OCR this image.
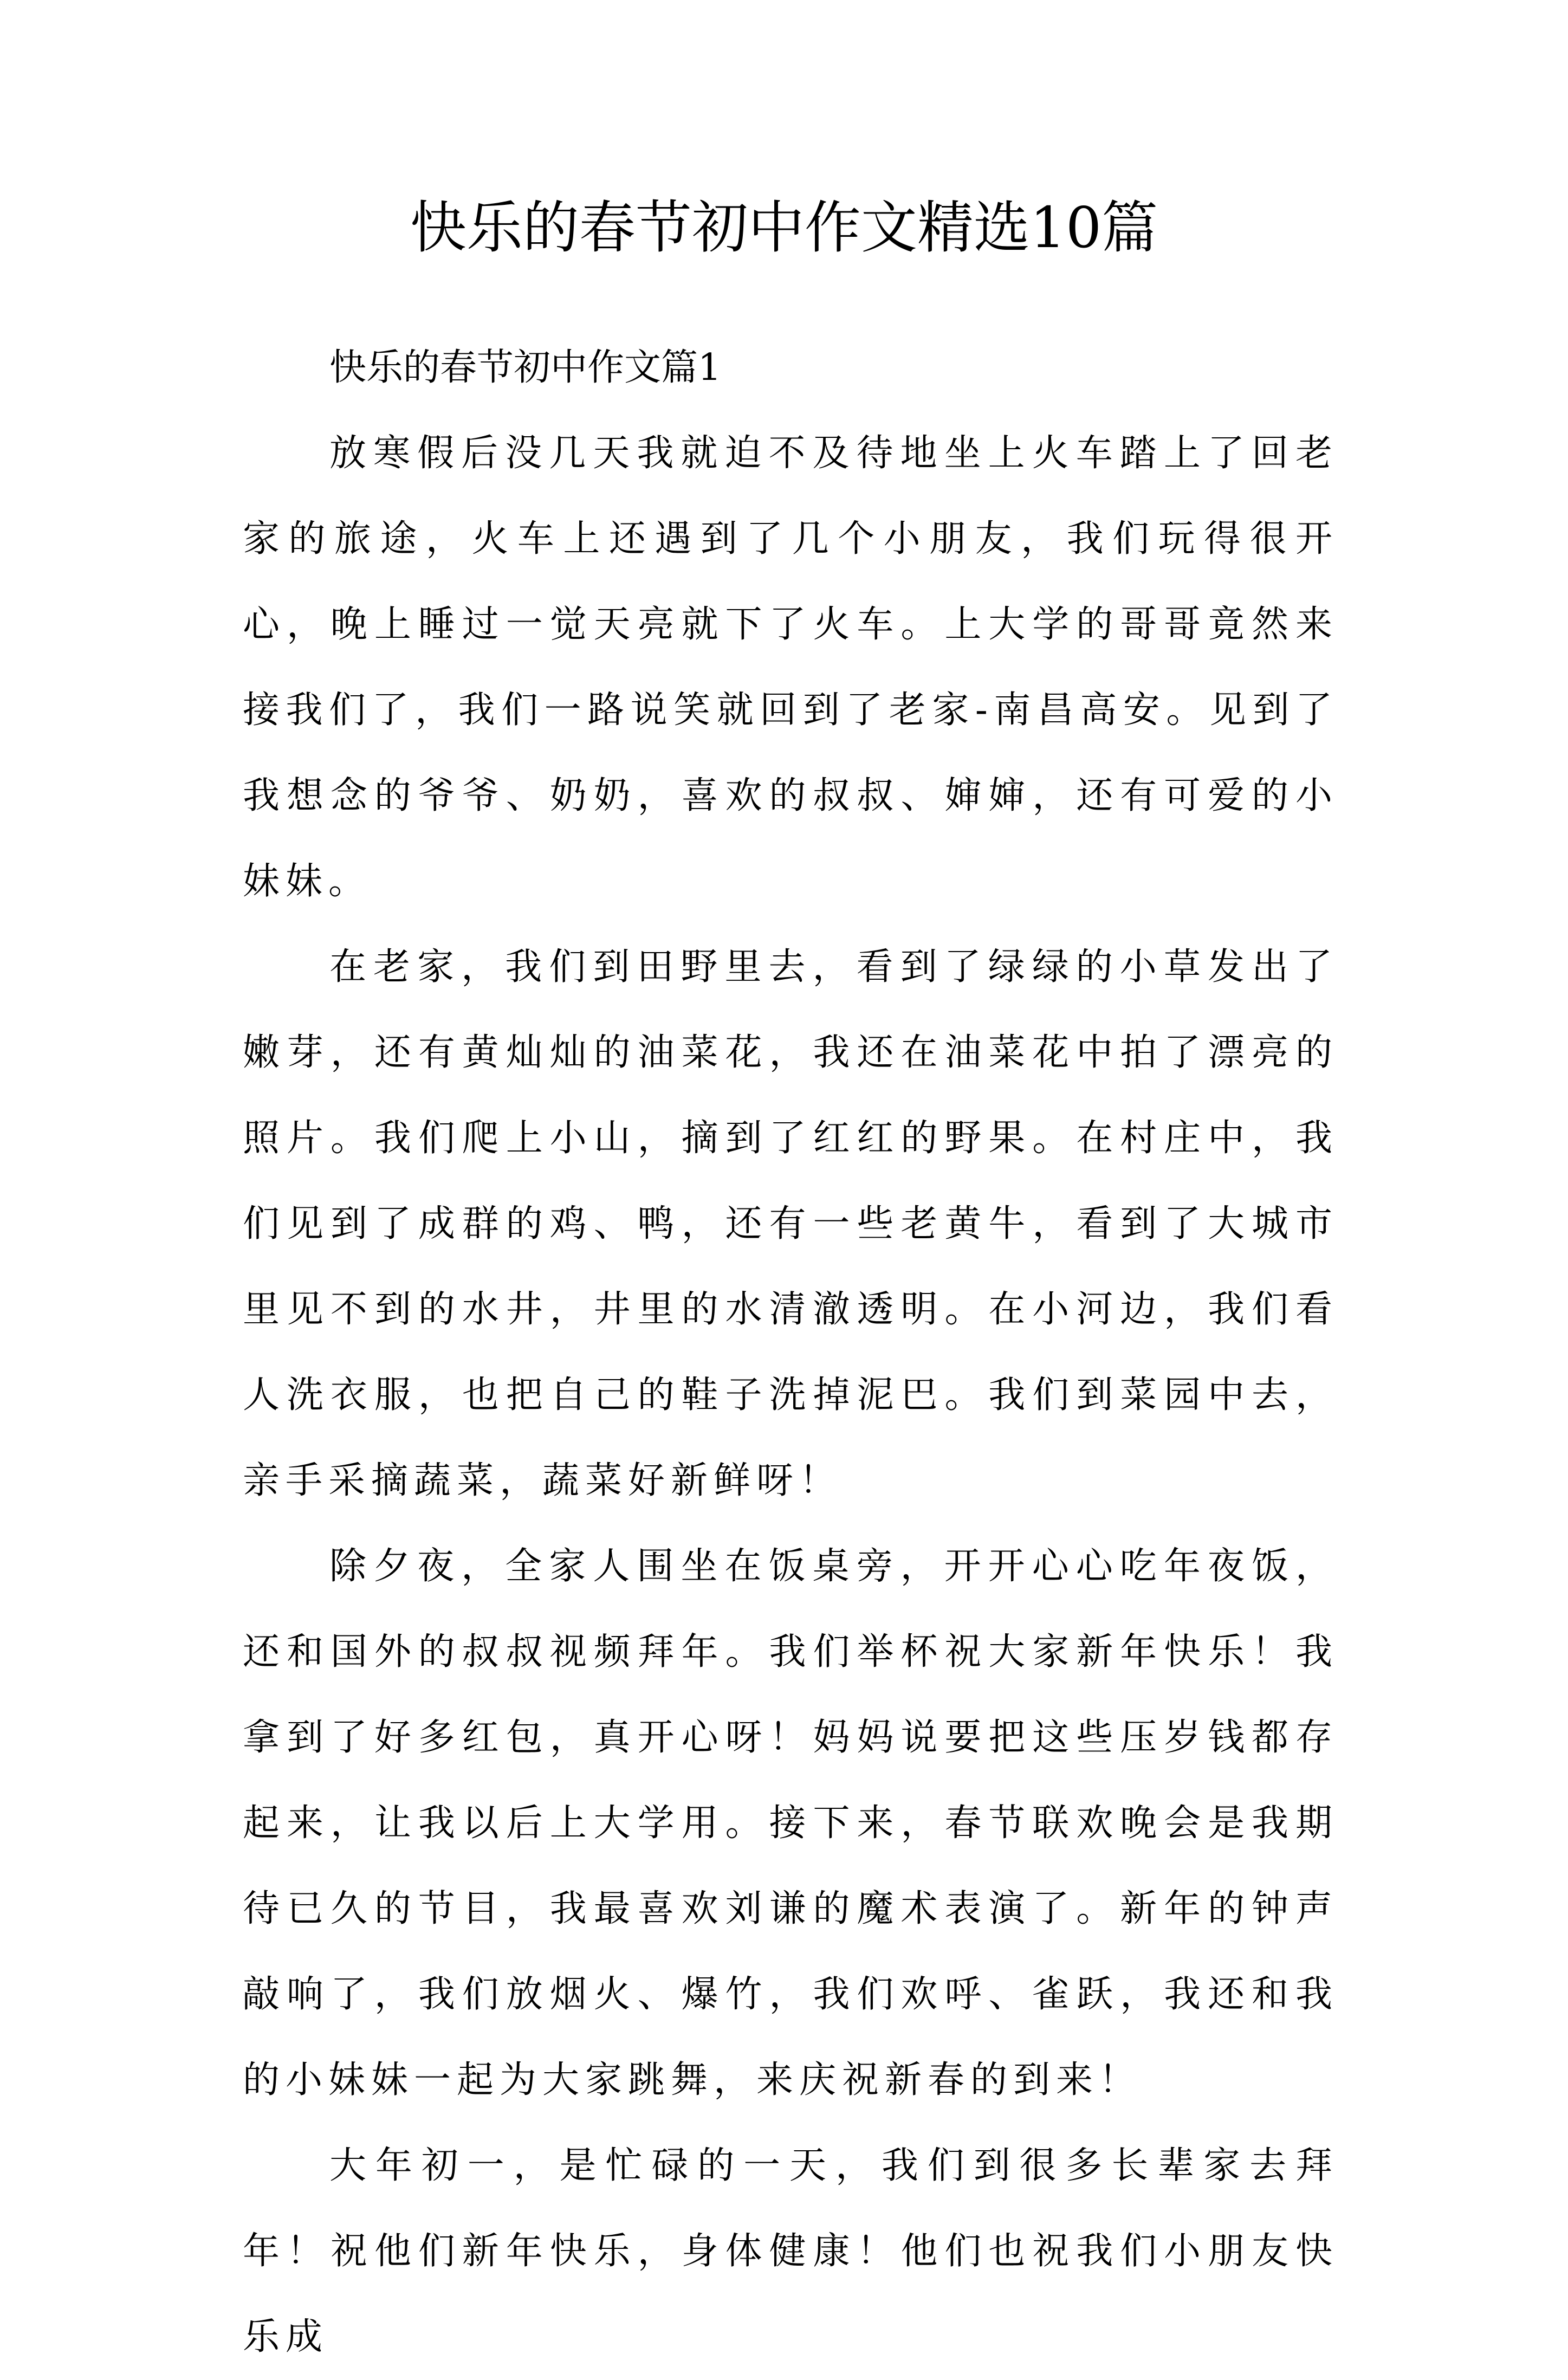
快乐的春节初中作文精选10篇
快乐的春节初中作文篇1

放寒假后没几天我就迫不及待地坐上火车踏上了回老家的旅途，火车上还遇到了几个小朋友，我们玩得很开心，晚上睡过一觉天亮就下了火车。上大学的哥哥竟然来接我们了，我们一路说笑就回到了老家-南昌高安。见到了我想念的爷爷、奶奶，喜欢的叔叔、婶婶，还有可爱的小妹妹。

在老家，我们到田野里去，看到了绿绿的小草发出了嫩芽，还有黄灿灿的油菜花，我还在油菜花中拍了漂亮的照片。我们爬上小山，摘到了红红的野果。在村庄中，我们见到了成群的鸡、鸭，还有一些老黄牛，看到了大城市里见不到的水井，井里的水清澈透明。在小河边，我们看人洗衣服，也把自己的鞋子洗掉泥巴。我们到菜园中去，亲手采摘蔬菜，蔬菜好新鲜呀！

除夕夜，全家人围坐在饭桌旁，开开心心吃年夜饭，还和国外的叔叔视频拜年。我们举杯祝大家新年快乐！我拿到了好多红包，真开心呀！妈妈说要把这些压岁钱都存起来，让我以后上大学用。接下来，春节联欢晚会是我期待已久的节目，我最喜欢刘谦的魔术表演了。新年的钟声敲响了，我们放烟火、爆竹，我们欢呼、雀跃，我还和我的小妹妹一起为大家跳舞，来庆祝新春的到来！

大年初一，是忙碌的一天，我们到很多长辈家去拜年！祝他们新年快乐，身体健康！他们也祝我们小朋友快乐成
